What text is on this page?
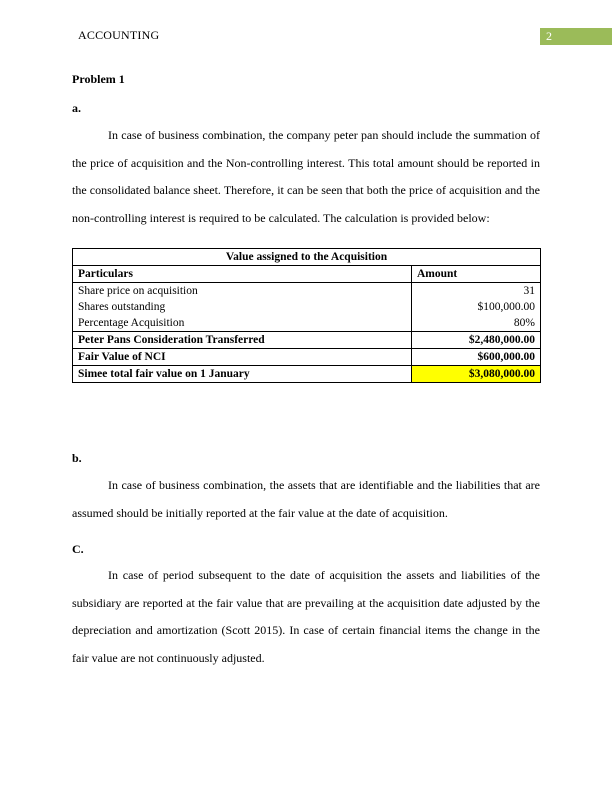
ACCOUNTING	2
Problem 1
a.

In case of business combination, the company peter pan should include the summation of the price of acquisition and the Non-controlling interest. This total amount should be reported in the consolidated balance sheet. Therefore, it can be seen that both the price of acquisition and the non-controlling interest is required to be calculated. The calculation is provided below:

Value assigned to the Acquisition	
Particulars	Amount
Share price on acquisition	31
Shares outstanding	$100,000.00
Percentage Acquisition	80%
Peter Pans Consideration Transferred	$2,480,000.00
Fair Value of NCI	$600,000.00
Simee total fair value on 1 January	$3,080,000.00
b.

In case of business combination, the assets that are identifiable and the liabilities that are assumed should be initially reported at the fair value at the date of acquisition.

C.

In case of period subsequent to the date of acquisition the assets and liabilities of the subsidiary are reported at the fair value that are prevailing at the acquisition date adjusted by the depreciation and amortization (Scott 2015). In case of certain financial items the change in the fair value are not continuously adjusted.
